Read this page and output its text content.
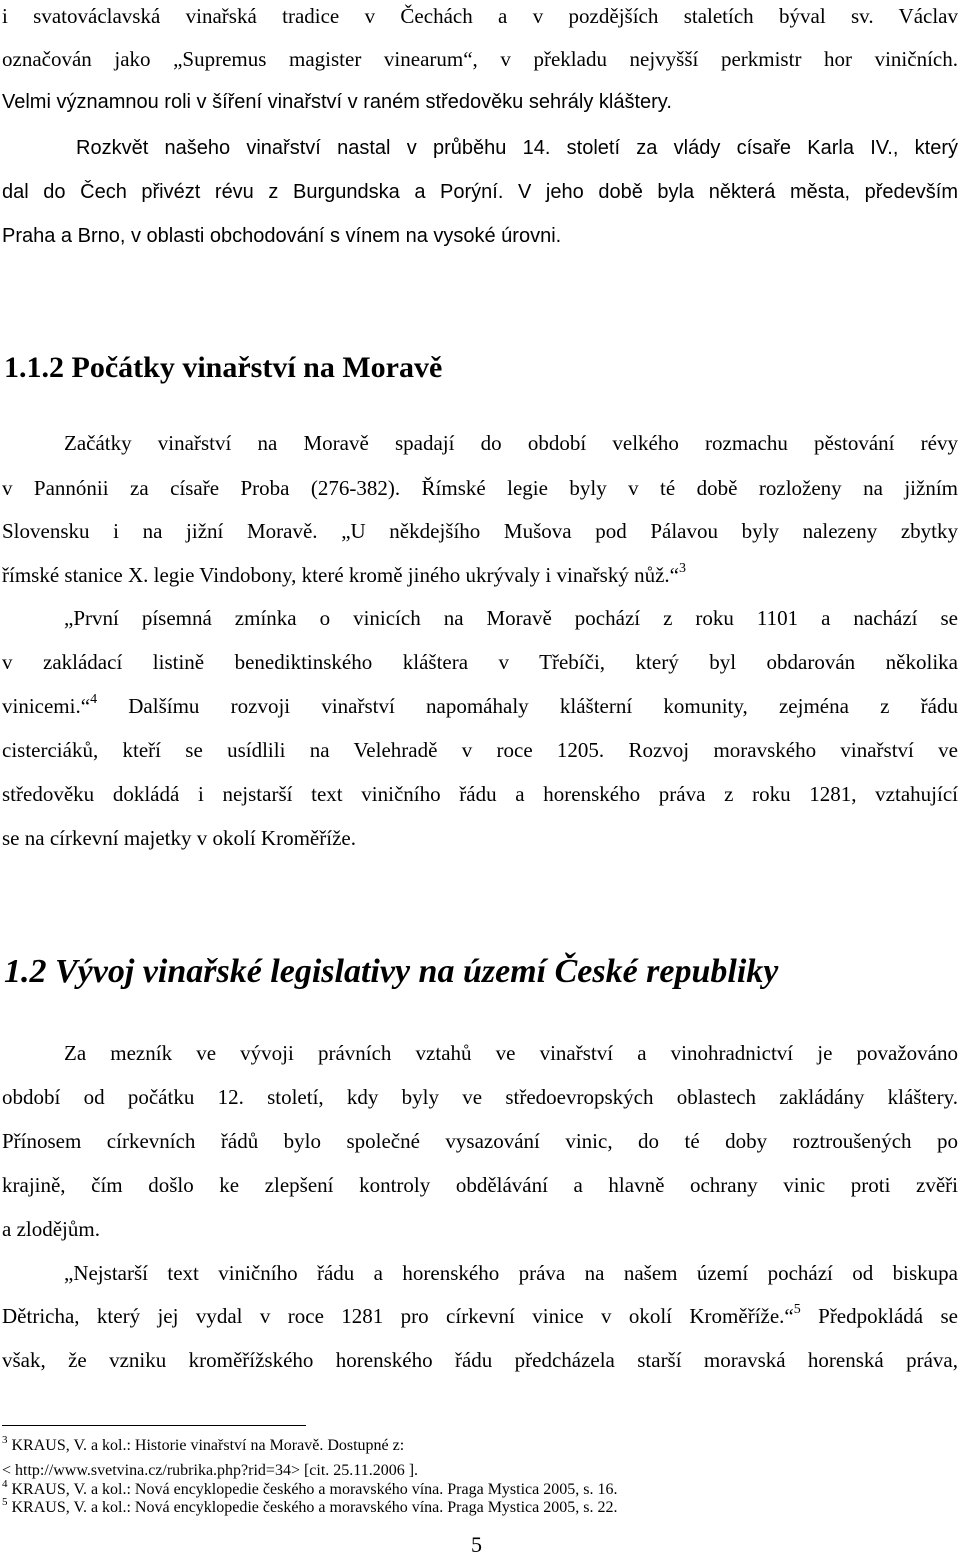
i svatováclavská vinařská tradice v Čechách a v pozdějších staletích býval sv. Václav
označován jako „Supremus magister vinearum“, v překladu nejvyšší perkmistr hor viničních.
Velmi významnou roli v šíření vinařství v raném středověku sehrály kláštery.
Rozkvět našeho vinařství nastal v průběhu 14. století za vlády císaře Karla IV., který
dal do Čech přivézt révu z Burgundska a Porýní. V jeho době byla některá města, především
Praha a Brno, v oblasti obchodování s vínem na vysoké úrovni.
1.1.2 Počátky vinařství na Moravě
Začátky vinařství na Moravě spadají do období velkého rozmachu pěstování révy
v Pannónii za císaře Proba (276-382). Římské legie byly v té době rozloženy na jižním
Slovensku i na jižní Moravě. „U někdejšího Mušova pod Pálavou byly nalezeny zbytky
římské stanice X. legie Vindobony, které kromě jiného ukrývaly i vinařský nůž.“$^3$
„První písemná zmínka o vinicích na Moravě pochází z roku 1101 a nachází se
v zakládací listině benediktinského kláštera v Třebíči, který byl obdarován několika
vinicemi.“$^4$ Dalšímu rozvoji vinařství napomáhaly klášterní komunity, zejména z řádu
cisterciáků, kteří se usídlili na Velehradě v roce 1205. Rozvoj moravského vinařství ve
středověku dokládá i nejstarší text viničního řádu a horenského práva z roku 1281, vztahující
se na církevní majetky v okolí Kroměříže.
1.2 Vývoj vinařské legislativy na území České republiky
Za mezník ve vývoji právních vztahů ve vinařství a vinohradnictví je považováno
období od počátku 12. století, kdy byly ve středoevropských oblastech zakládány kláštery.
Přínosem církevních řádů bylo společné vysazování vinic, do té doby roztroušených po
krajině, čím došlo ke zlepšení kontroly obdělávání a hlavně ochrany vinic proti zvěři
a zlodějům.
„Nejstarší text viničního řádu a horenského práva na našem území pochází od biskupa
Dětricha, který jej vydal v roce 1281 pro církevní vinice v okolí Kroměříže.“$^5$ Předpokládá se
však, že vzniku kroměřížského horenského řádu předcházela starší moravská horenská práva,
$^3$ KRAUS, V. a kol.: Historie vinařství na Moravě. Dostupné z:
< http://www.svetvina.cz/rubrika.php?rid=34> [cit. 25.11.2006 ].
$^4$ KRAUS, V. a kol.: Nová encyklopedie českého a moravského vína. Praga Mystica 2005, s. 16.
$^5$ KRAUS, V. a kol.: Nová encyklopedie českého a moravského vína. Praga Mystica 2005, s. 22.
5
